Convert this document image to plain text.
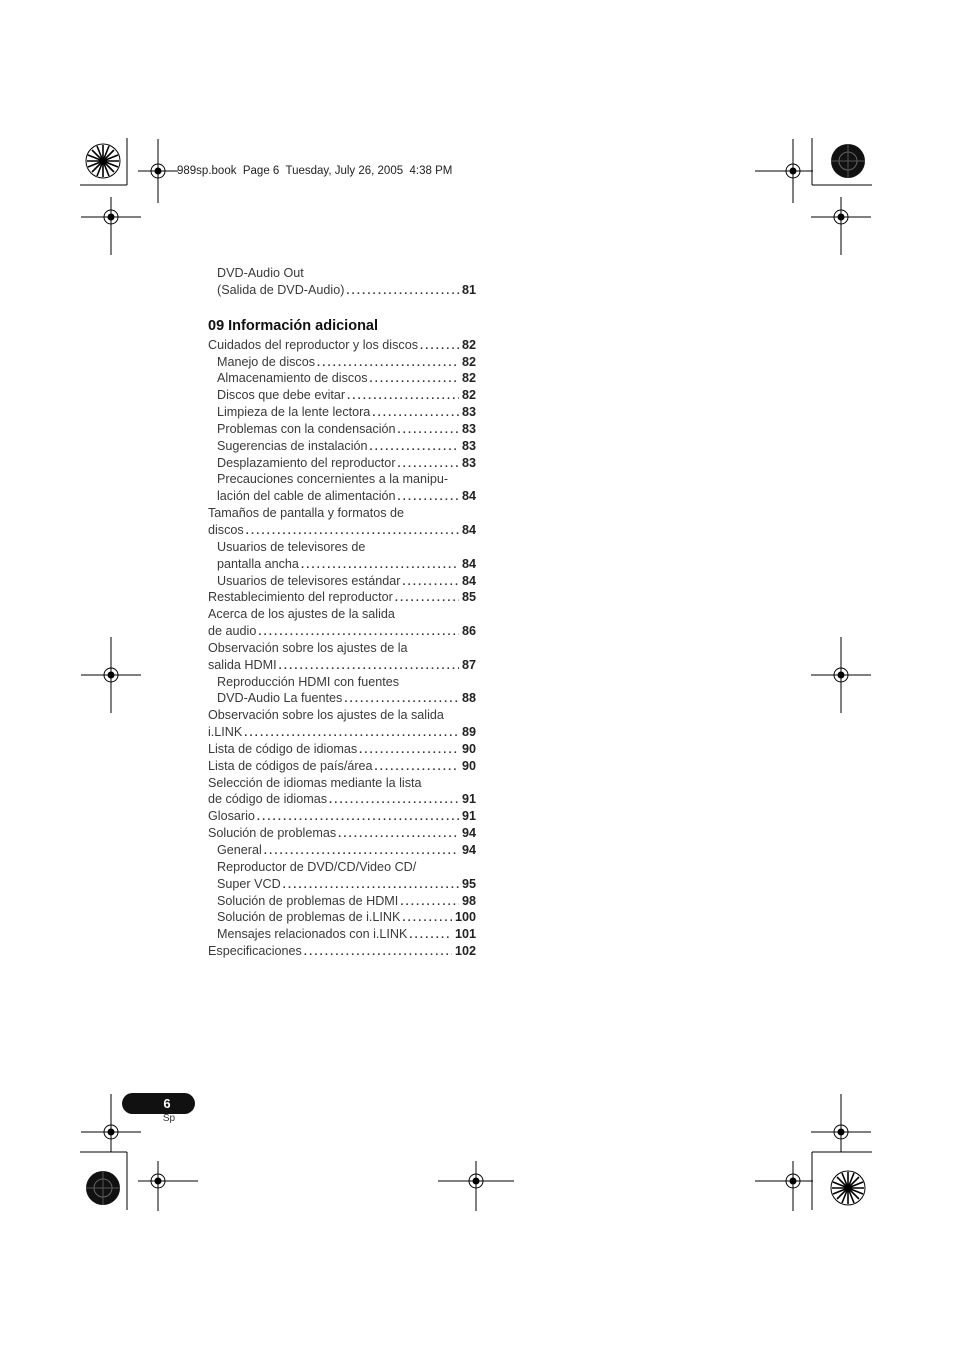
989sp.book  Page 6  Tuesday, July 26, 2005  4:38 PM
DVD-Audio Out
(Salida de DVD-Audio) .....	81
09 Información adicional
Cuidados del reproductor y los discos .....	82
Manejo de discos .....	82
Almacenamiento de discos .....	82
Discos que debe evitar .....	82
Limpieza de la lente lectora .....	83
Problemas con la condensación .....	83
Sugerencias de instalación .....	83
Desplazamiento del reproductor .....	83
Precauciones concernientes a la manipu-
lación del cable de alimentación .....	84
Tamaños de pantalla y formatos de
discos .....	84
Usuarios de televisores de
pantalla ancha .....	84
Usuarios de televisores estándar .....	84
Restablecimiento del reproductor .....	85
Acerca de los ajustes de la salida
de audio .....	86
Observación sobre los ajustes de la
salida HDMI .....	87
Reproducción HDMI con fuentes
DVD-Audio La fuentes .....	88
Observación sobre los ajustes de la salida
i.LINK .....	89
Lista de código de idiomas .....	90
Lista de códigos de país/área .....	90
Selección de idiomas mediante la lista
de código de idiomas .....	91
Glosario .....	91
Solución de problemas .....	94
General .....	94
Reproductor de DVD/CD/Video CD/
Super VCD .....	95
Solución de problemas de HDMI .....	98
Solución de problemas de i.LINK .....	100
Mensajes relacionados con i.LINK .....	101
Especificaciones .....	102
6
Sp
